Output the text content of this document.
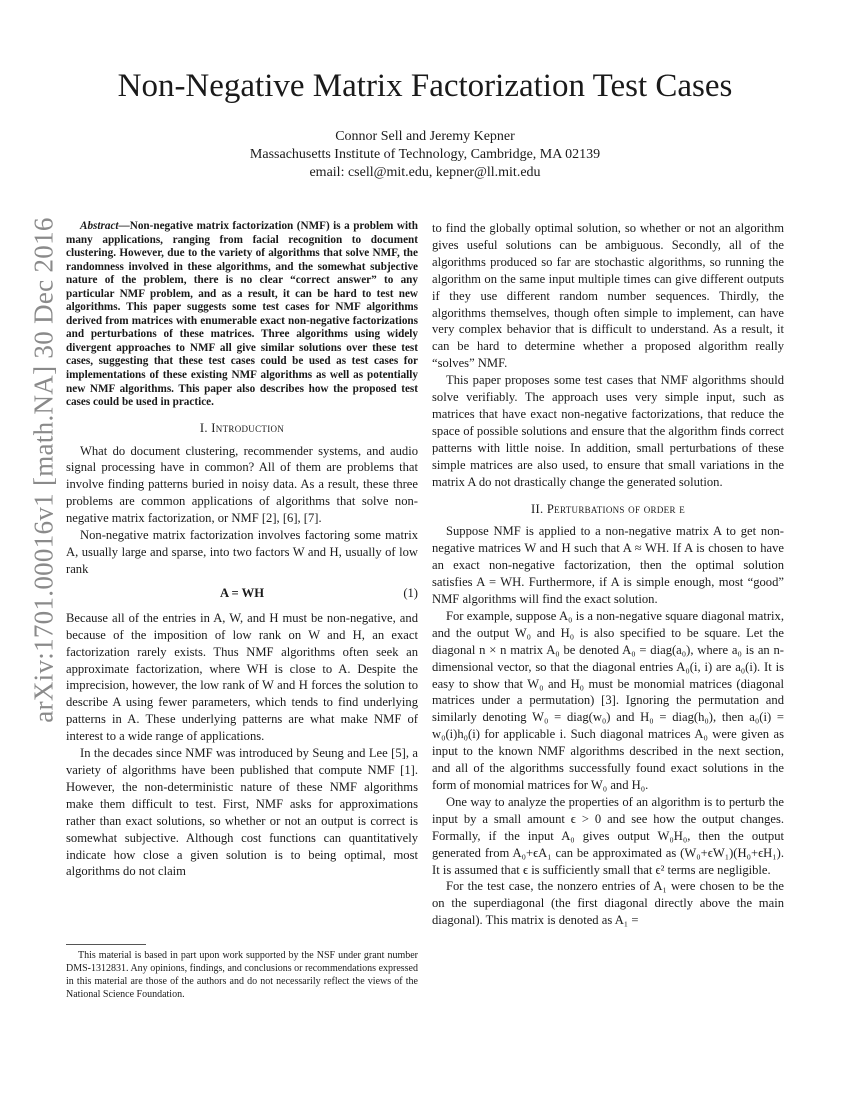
arXiv:1701.00016v1 [math.NA] 30 Dec 2016
Non-Negative Matrix Factorization Test Cases
Connor Sell and Jeremy Kepner
Massachusetts Institute of Technology, Cambridge, MA 02139
email: csell@mit.edu, kepner@ll.mit.edu

Abstract—Non-negative matrix factorization (NMF) is a problem with many applications, ranging from facial recognition to document clustering. However, due to the variety of algorithms that solve NMF, the randomness involved in these algorithms, and the somewhat subjective nature of the problem, there is no clear “correct answer” to any particular NMF problem, and as a result, it can be hard to test new algorithms. This paper suggests some test cases for NMF algorithms derived from matrices with enumerable exact non-negative factorizations and perturbations of these matrices. Three algorithms using widely divergent approaches to NMF all give similar solutions over these test cases, suggesting that these test cases could be used as test cases for implementations of these existing NMF algorithms as well as potentially new NMF algorithms. This paper also describes how the proposed test cases could be used in practice.

I. Introduction

What do document clustering, recommender systems, and audio signal processing have in common? All of them are problems that involve finding patterns buried in noisy data. As a result, these three problems are common applications of algorithms that solve non-negative matrix factorization, or NMF [2], [6], [7].

Non-negative matrix factorization involves factoring some matrix A, usually large and sparse, into two factors W and H, usually of low rank

A = WH	(1)

Because all of the entries in A, W, and H must be non-negative, and because of the imposition of low rank on W and H, an exact factorization rarely exists. Thus NMF algorithms often seek an approximate factorization, where WH is close to A. Despite the imprecision, however, the low rank of W and H forces the solution to describe A using fewer parameters, which tends to find underlying patterns in A. These underlying patterns are what make NMF of interest to a wide range of applications.

In the decades since NMF was introduced by Seung and Lee [5], a variety of algorithms have been published that compute NMF [1]. However, the non-deterministic nature of these NMF algorithms make them difficult to test. First, NMF asks for approximations rather than exact solutions, so whether or not an output is correct is somewhat subjective. Although cost functions can quantitatively indicate how close a given solution is to being optimal, most algorithms do not claim

This material is based in part upon work supported by the NSF under grant number DMS-1312831. Any opinions, findings, and conclusions or recommendations expressed in this material are those of the authors and do not necessarily reflect the views of the National Science Foundation.

to find the globally optimal solution, so whether or not an algorithm gives useful solutions can be ambiguous. Secondly, all of the algorithms produced so far are stochastic algorithms, so running the algorithm on the same input multiple times can give different outputs if they use different random number sequences. Thirdly, the algorithms themselves, though often simple to implement, can have very complex behavior that is difficult to understand. As a result, it can be hard to determine whether a proposed algorithm really “solves” NMF.

This paper proposes some test cases that NMF algorithms should solve verifiably. The approach uses very simple input, such as matrices that have exact non-negative factorizations, that reduce the space of possible solutions and ensure that the algorithm finds correct patterns with little noise. In addition, small perturbations of these simple matrices are also used, to ensure that small variations in the matrix A do not drastically change the generated solution.

II. Perturbations of order ϵ

Suppose NMF is applied to a non-negative matrix A to get non-negative matrices W and H such that A ≈ WH. If A is chosen to have an exact non-negative factorization, then the optimal solution satisfies A = WH. Furthermore, if A is simple enough, most “good” NMF algorithms will find the exact solution.

For example, suppose A₀ is a non-negative square diagonal matrix, and the output W₀ and H₀ is also specified to be square. Let the diagonal n × n matrix A₀ be denoted A₀ = diag(a₀), where a₀ is an n-dimensional vector, so that the diagonal entries A₀(i, i) are a₀(i). It is easy to show that W₀ and H₀ must be monomial matrices (diagonal matrices under a permutation) [3]. Ignoring the permutation and similarly denoting W₀ = diag(w₀) and H₀ = diag(h₀), then a₀(i) = w₀(i)h₀(i) for applicable i. Such diagonal matrices A₀ were given as input to the known NMF algorithms described in the next section, and all of the algorithms successfully found exact solutions in the form of monomial matrices for W₀ and H₀.

One way to analyze the properties of an algorithm is to perturb the input by a small amount ϵ > 0 and see how the output changes. Formally, if the input A₀ gives output W₀H₀, then the output generated from A₀+ϵA₁ can be approximated as (W₀+ϵW₁)(H₀+ϵH₁). It is assumed that ϵ is sufficiently small that ϵ² terms are negligible.

For the test case, the nonzero entries of A₁ were chosen to be the on the superdiagonal (the first diagonal directly above the main diagonal). This matrix is denoted as A₁ =
